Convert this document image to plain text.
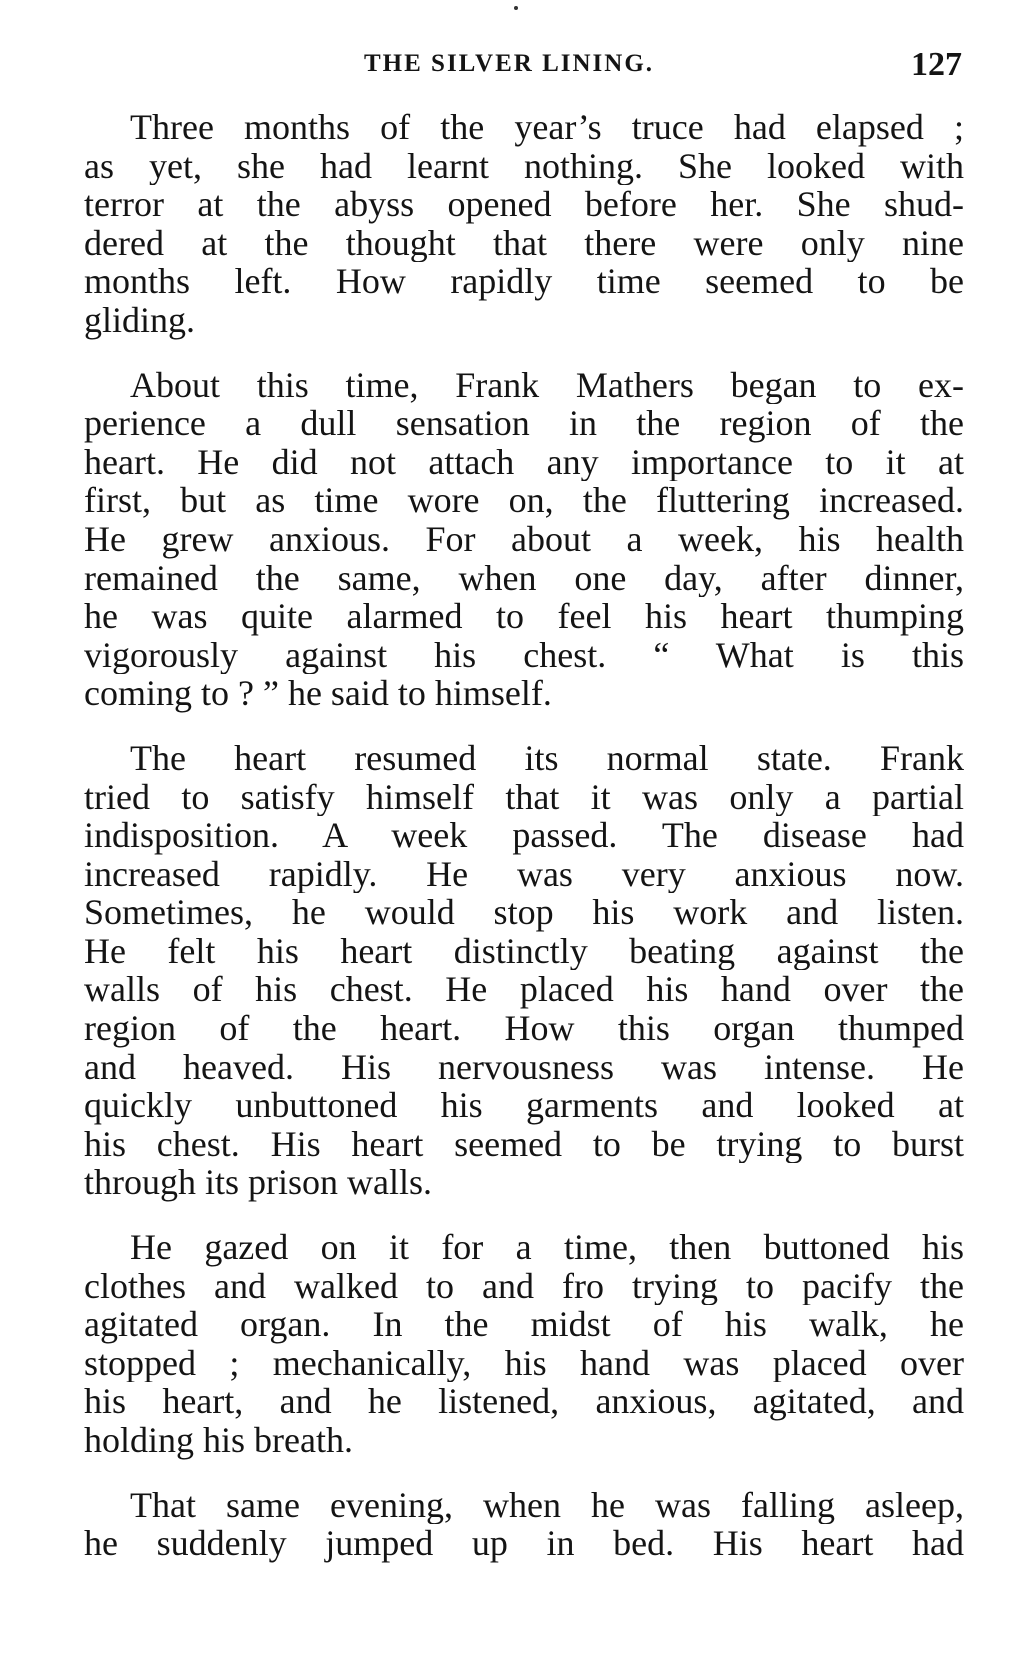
THE SILVER LINING.	127
Three months of the year’s truce had elapsed ;
as yet, she had learnt nothing. She looked with
terror at the abyss opened before her. She shud-
dered at the thought that there were only nine
months left. How rapidly time seemed to be
gliding.
About this time, Frank Mathers began to ex-
perience a dull sensation in the region of the
heart. He did not attach any importance to it at
first, but as time wore on, the fluttering increased.
He grew anxious. For about a week, his health
remained the same, when one day, after dinner,
he was quite alarmed to feel his heart thumping
vigorously against his chest. “ What is this
coming to ? ” he said to himself.
The heart resumed its normal state. Frank
tried to satisfy himself that it was only a partial
indisposition. A week passed. The disease had
increased rapidly. He was very anxious now.
Sometimes, he would stop his work and listen.
He felt his heart distinctly beating against the
walls of his chest. He placed his hand over the
region of the heart. How this organ thumped
and heaved. His nervousness was intense. He
quickly unbuttoned his garments and looked at
his chest. His heart seemed to be trying to burst
through its prison walls.
He gazed on it for a time, then buttoned his
clothes and walked to and fro trying to pacify the
agitated organ. In the midst of his walk, he
stopped ; mechanically, his hand was placed over
his heart, and he listened, anxious, agitated, and
holding his breath.
That same evening, when he was falling asleep,
he suddenly jumped up in bed. His heart had
